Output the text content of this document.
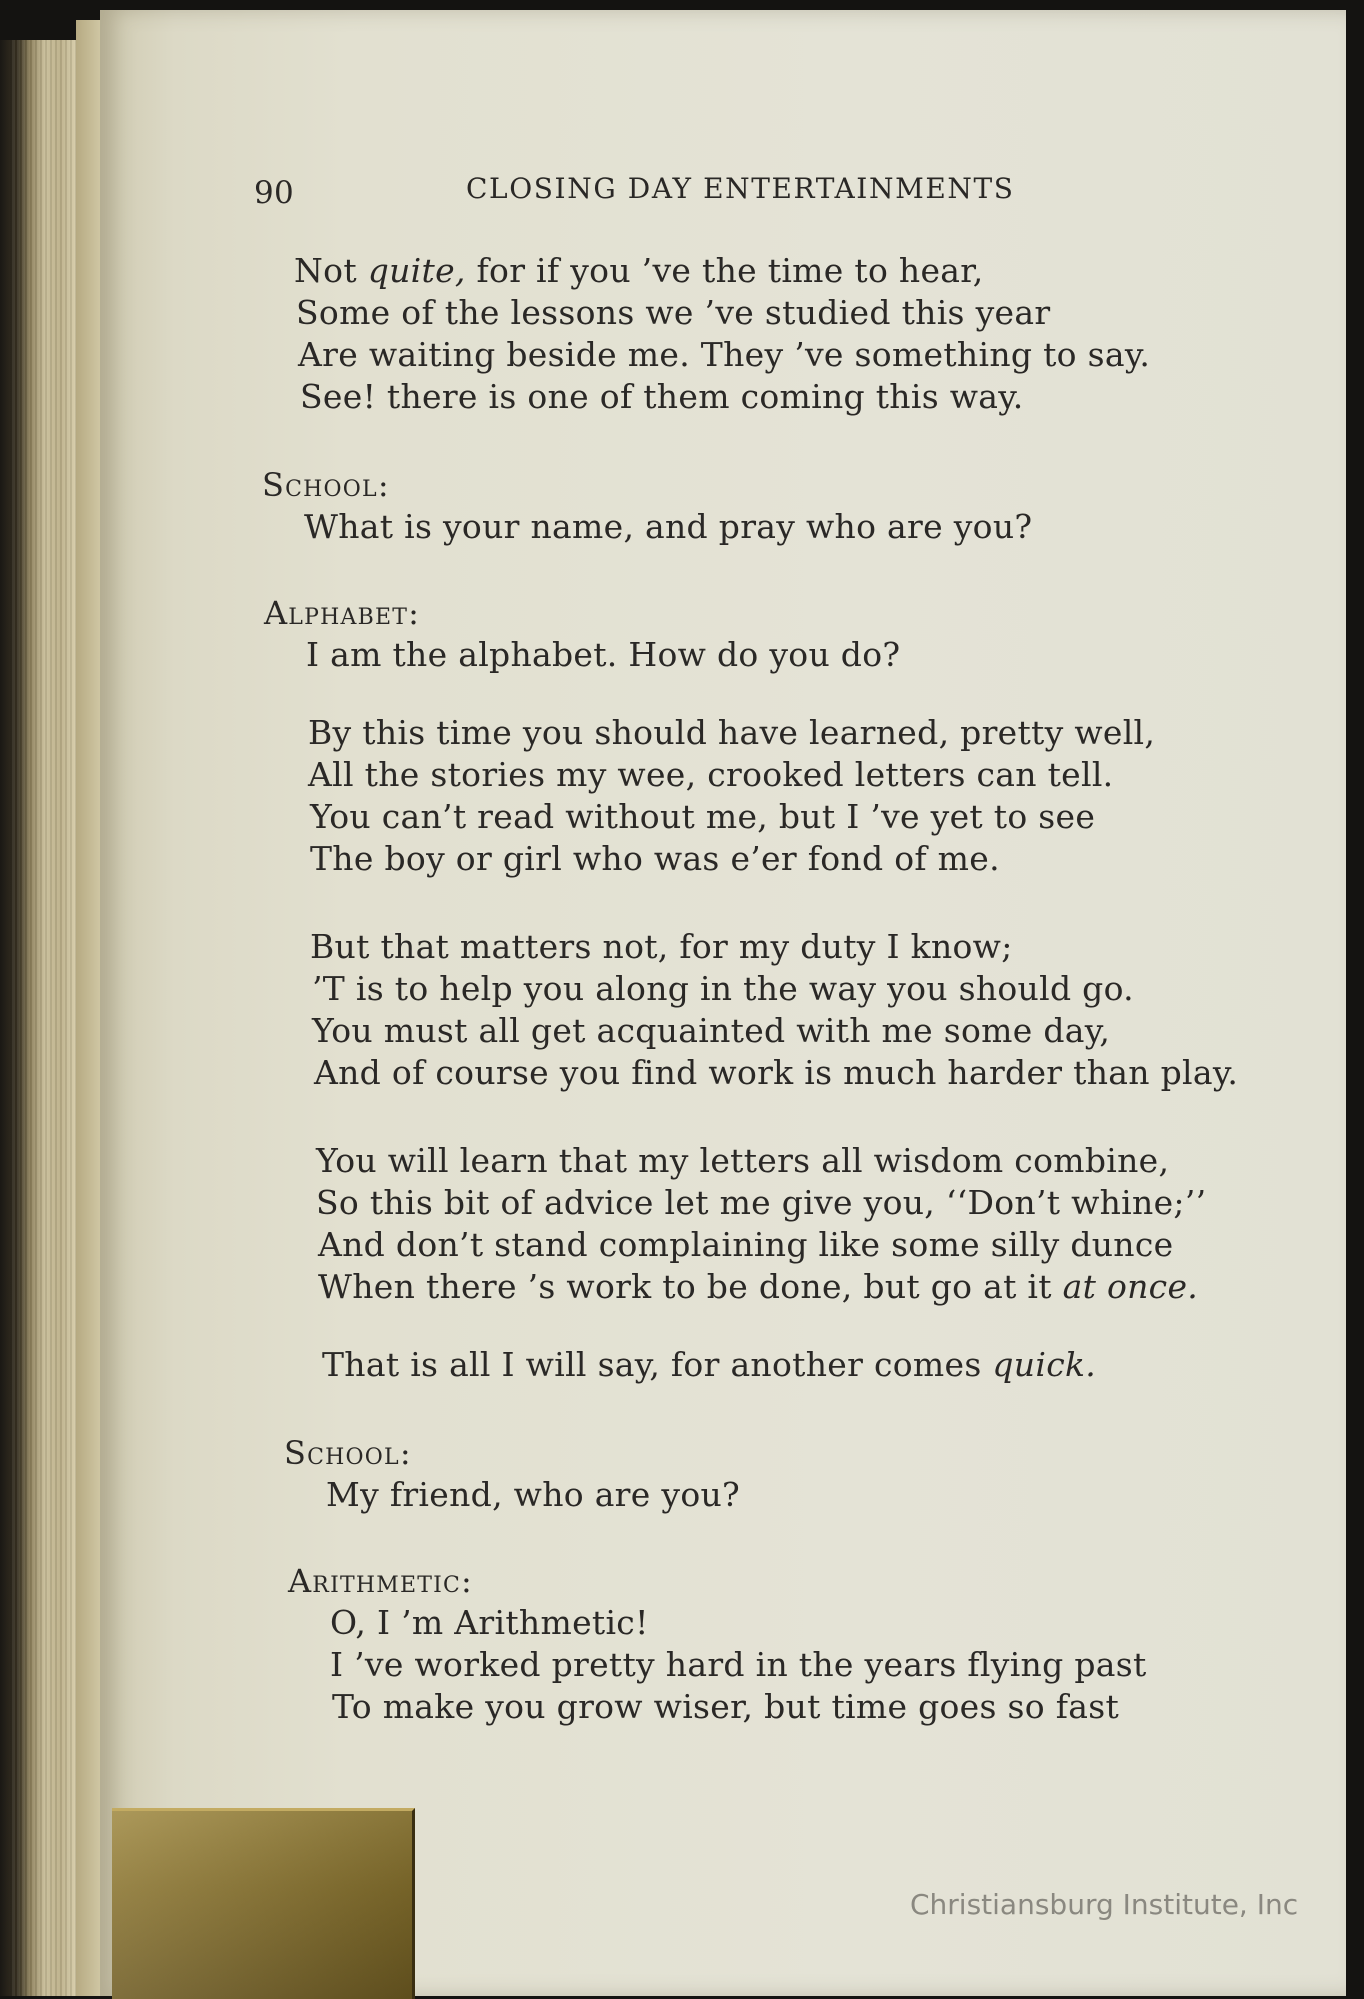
90	CLOSING DAY ENTERTAINMENTS
Not quite, for if you ’ve the time to hear,
Some of the lessons we ’ve studied this year
Are waiting beside me. They ’ve something to say.
See! there is one of them coming this way.
School:
What is your name, and pray who are you?
Alphabet:
I am the alphabet. How do you do?
By this time you should have learned, pretty well,
All the stories my wee, crooked letters can tell.
You can’t read without me, but I ’ve yet to see
The boy or girl who was e’er fond of me.
But that matters not, for my duty I know;
’T is to help you along in the way you should go.
You must all get acquainted with me some day,
And of course you find work is much harder than play.
You will learn that my letters all wisdom combine,
So this bit of advice let me give you, ‘‘Don’t whine;’’
And don’t stand complaining like some silly dunce
When there ’s work to be done, but go at it at once.
That is all I will say, for another comes quick.
School:
My friend, who are you?
Arithmetic:
O, I ’m Arithmetic!
I ’ve worked pretty hard in the years flying past
To make you grow wiser, but time goes so fast
Christiansburg Institute, Inc
